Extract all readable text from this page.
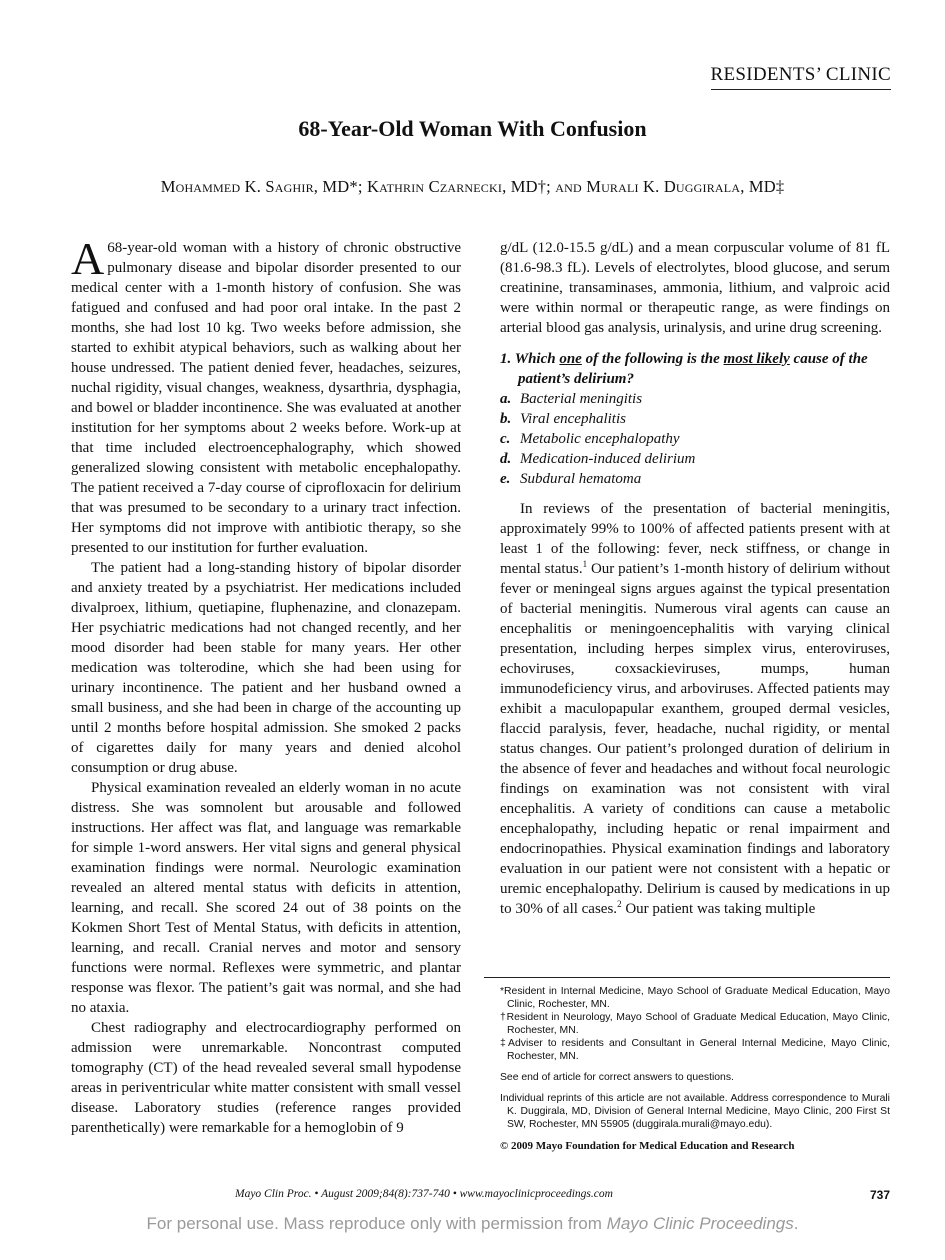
RESIDENTS’ CLINIC
68-Year-Old Woman With Confusion
Mohammed K. Saghir, MD*; Kathrin Czarnecki, MD†; and Murali K. Duggirala, MD‡

A 68-year-old woman with a history of chronic obstructive pulmonary disease and bipolar disorder presented to our medical center with a 1-month history of confusion. She was fatigued and confused and had poor oral intake. In the past 2 months, she had lost 10 kg. Two weeks before admission, she started to exhibit atypical behaviors, such as walking about her house undressed. The patient denied fever, headaches, seizures, nuchal rigidity, visual changes, weakness, dysarthria, dysphagia, and bowel or bladder incontinence. She was evaluated at another institution for her symptoms about 2 weeks before. Work-up at that time included electroencephalography, which showed generalized slowing consistent with metabolic encephalopathy. The patient received a 7-day course of ciprofloxacin for delirium that was presumed to be secondary to a urinary tract infection. Her symptoms did not improve with antibiotic therapy, so she presented to our institution for further evaluation.

The patient had a long-standing history of bipolar disorder and anxiety treated by a psychiatrist. Her medications included divalproex, lithium, quetiapine, fluphenazine, and clonazepam. Her psychiatric medications had not changed recently, and her mood disorder had been stable for many years. Her other medication was tolterodine, which she had been using for urinary incontinence. The patient and her husband owned a small business, and she had been in charge of the accounting up until 2 months before hospital admission. She smoked 2 packs of cigarettes daily for many years and denied alcohol consumption or drug abuse.

Physical examination revealed an elderly woman in no acute distress. She was somnolent but arousable and followed instructions. Her affect was flat, and language was remarkable for simple 1-word answers. Her vital signs and general physical examination findings were normal. Neurologic examination revealed an altered mental status with deficits in attention, learning, and recall. She scored 24 out of 38 points on the Kokmen Short Test of Mental Status, with deficits in attention, learning, and recall. Cranial nerves and motor and sensory functions were normal. Reflexes were symmetric, and plantar response was flexor. The patient’s gait was normal, and she had no ataxia.

Chest radiography and electrocardiography performed on admission were unremarkable. Noncontrast computed tomography (CT) of the head revealed several small hypodense areas in periventricular white matter consistent with small vessel disease. Laboratory studies (reference ranges provided parenthetically) were remarkable for a hemoglobin of 9

g/dL (12.0-15.5 g/dL) and a mean corpuscular volume of 81 fL (81.6-98.3 fL). Levels of electrolytes, blood glucose, and serum creatinine, transaminases, ammonia, lithium, and valproic acid were within normal or therapeutic range, as were findings on arterial blood gas analysis, urinalysis, and urine drug screening.

1. Which one of the following is the most likely cause of the patient’s delirium?
a. Bacterial meningitis
b. Viral encephalitis
c. Metabolic encephalopathy
d. Medication-induced delirium
e. Subdural hematoma

In reviews of the presentation of bacterial meningitis, approximately 99% to 100% of affected patients present with at least 1 of the following: fever, neck stiffness, or change in mental status.$^1$ Our patient’s 1-month history of delirium without fever or meningeal signs argues against the typical presentation of bacterial meningitis. Numerous viral agents can cause an encephalitis or meningoencephalitis with varying clinical presentation, including herpes simplex virus, enteroviruses, echoviruses, coxsackieviruses, mumps, human immunodeficiency virus, and arboviruses. Affected patients may exhibit a maculopapular exanthem, grouped dermal vesicles, flaccid paralysis, fever, headache, nuchal rigidity, or mental status changes. Our patient’s prolonged duration of delirium in the absence of fever and headaches and without focal neurologic findings on examination was not consistent with viral encephalitis. A variety of conditions can cause a metabolic encephalopathy, including hepatic or renal impairment and endocrinopathies. Physical examination findings and laboratory evaluation in our patient were not consistent with a hepatic or uremic encephalopathy. Delirium is caused by medications in up to 30% of all cases.$^2$ Our patient was taking multiple

*Resident in Internal Medicine, Mayo School of Graduate Medical Education, Mayo Clinic, Rochester, MN.
†Resident in Neurology, Mayo School of Graduate Medical Education, Mayo Clinic, Rochester, MN.
‡Adviser to residents and Consultant in General Internal Medicine, Mayo Clinic, Rochester, MN.
See end of article for correct answers to questions.
Individual reprints of this article are not available. Address correspondence to Murali K. Duggirala, MD, Division of General Internal Medicine, Mayo Clinic, 200 First St SW, Rochester, MN 55905 (duggirala.murali@mayo.edu).
© 2009 Mayo Foundation for Medical Education and Research
Mayo Clin Proc. • August 2009;84(8):737-740 • www.mayoclinicproceedings.com	737
For personal use. Mass reproduce only with permission from Mayo Clinic Proceedings.
